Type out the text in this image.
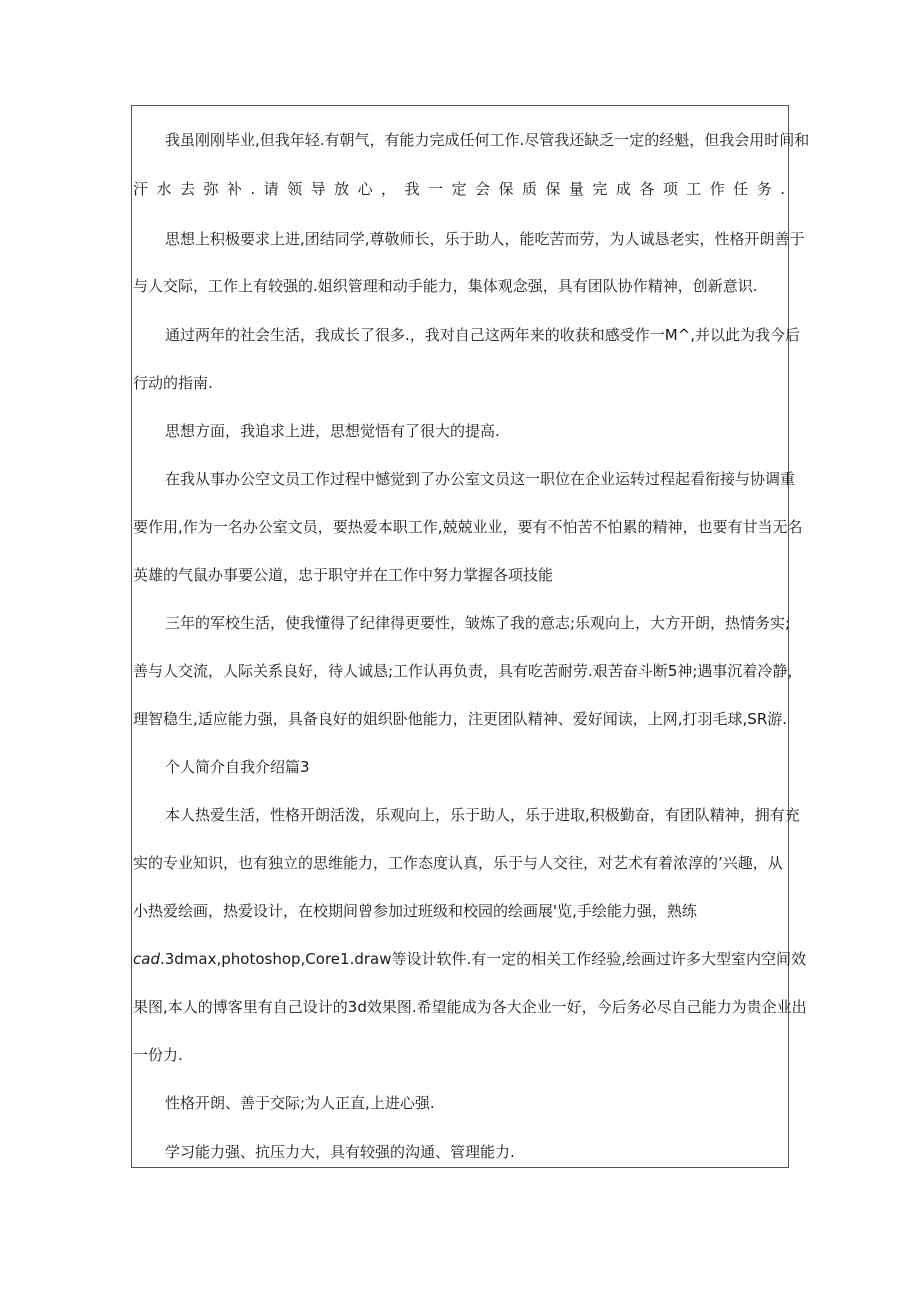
我虽刚刚毕业,但我年轻.有朝气，有能力完成任何工作.尽管我还缺乏一定的经魁，但我会用时间和
汗水去弥补.请领导放心，我一定会保质保量完成各项工作任务.
思想上积极要求上进,团结同学,尊敬师长，乐于助人，能吃苦而劳，为人诚恳老实，性格开朗善于
与人交际，工作上有较强的.姐织管理和动手能力，集体观念强，具有团队协作精神，创新意识.
通过两年的社会生活，我成长了很多.，我对自己这两年来的收获和感受作一M^,并以此为我今后
行动的指南.
思想方面，我追求上进，思想觉悟有了很大的提高.
在我从事办公空文员工作过程中憾觉到了办公室文员这一职位在企业运转过程起看衔接与协调重
要作用,作为一名办公室文员，要热爱本职工作,兢兢业业，要有不怕苦不怕累的精神，也要有甘当无名
英雄的气鼠办事要公道，忠于职守并在工作中努力掌握各项技能
三年的军校生活，使我懂得了纪律得更要性，皱炼了我的意志;乐观向上，大方开朗，热情务实;
善与人交流，人际关系良好，待人诚恳;工作认再负责，具有吃苦耐劳.艰苦奋斗断5神;遇事沉着冷静，
理智稳生,适应能力强，具备良好的姐织卧他能力，注更团队精神、爱好闻读，上网,打羽毛球,SR游.
个人简介自我介绍篇3
本人热爱生活，性格开朗活泼，乐观向上，乐于助人，乐于进取,积极勤奋，有团队精神，拥有充
实的专业知识，也有独立的思维能力，工作态度认真，乐于与人交往，对艺术有着浓淳的’兴趣，从
小热爱绘画，热爱设计，在校期间曾参加过班级和校园的绘画展'览,手绘能力强，熟练
cad.3dmax,photoshop,Core1.draw等设计软件.有一定的相关工作经验,绘画过许多大型室内空间效
果图,本人的博客里有自己设计的3d效果图.希望能成为各大企业一好，今后务必尽自己能力为贵企业出
一份力.
性格开朗、善于交际;为人正直,上进心强.
学习能力强、抗压力大，具有较强的沟通、管理能力.
